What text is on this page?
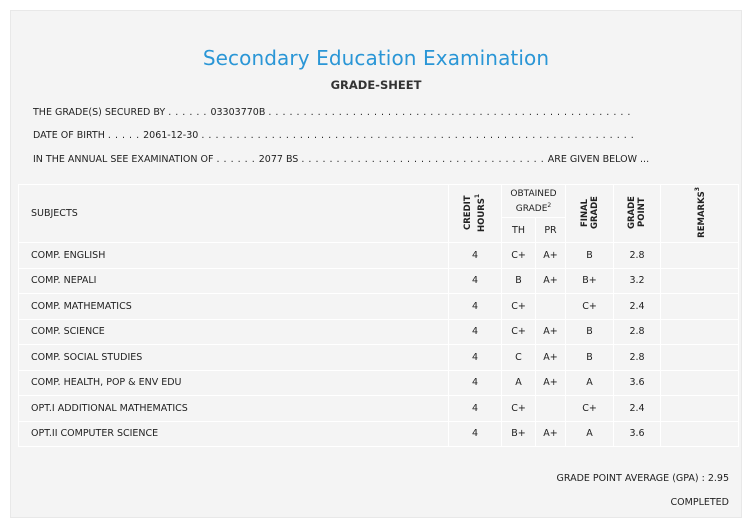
Secondary Education Examination
GRADE-SHEET
THE GRADE(S) SECURED BY . . . . . . 03303770B . . . . . . . . . . . . . . . . . . . . . . . . . . . . . . . . . . . . . . . . . . . . . . . . . . . .
DATE OF BIRTH . . . . . 2061-12-30 . . . . . . . . . . . . . . . . . . . . . . . . . . . . . . . . . . . . . . . . . . . . . . . . . . . . . . . . . . . . . .
IN THE ANNUAL SEE EXAMINATION OF . . . . . . 2077 BS . . . . . . . . . . . . . . . . . . . . . . . . . . . . . . . . . . . ARE GIVEN BELOW ...
SUBJECTS	CREDIT HOURS$^1$	OBTAINED GRADE$^2$		FINAL GRADE	GRADE POINT	REMARKS$^3$
		TH	PR			
COMP. ENGLISH	4	C+	A+	B	2.8	
COMP. NEPALI	4	B	A+	B+	3.2	
COMP. MATHEMATICS	4	C+		C+	2.4	
COMP. SCIENCE	4	C+	A+	B	2.8	
COMP. SOCIAL STUDIES	4	C	A+	B	2.8	
COMP. HEALTH, POP & ENV EDU	4	A	A+	A	3.6	
OPT.I ADDITIONAL MATHEMATICS	4	C+		C+	2.4	
OPT.II COMPUTER SCIENCE	4	B+	A+	A	3.6	
GRADE POINT AVERAGE (GPA) : 2.95
COMPLETED
